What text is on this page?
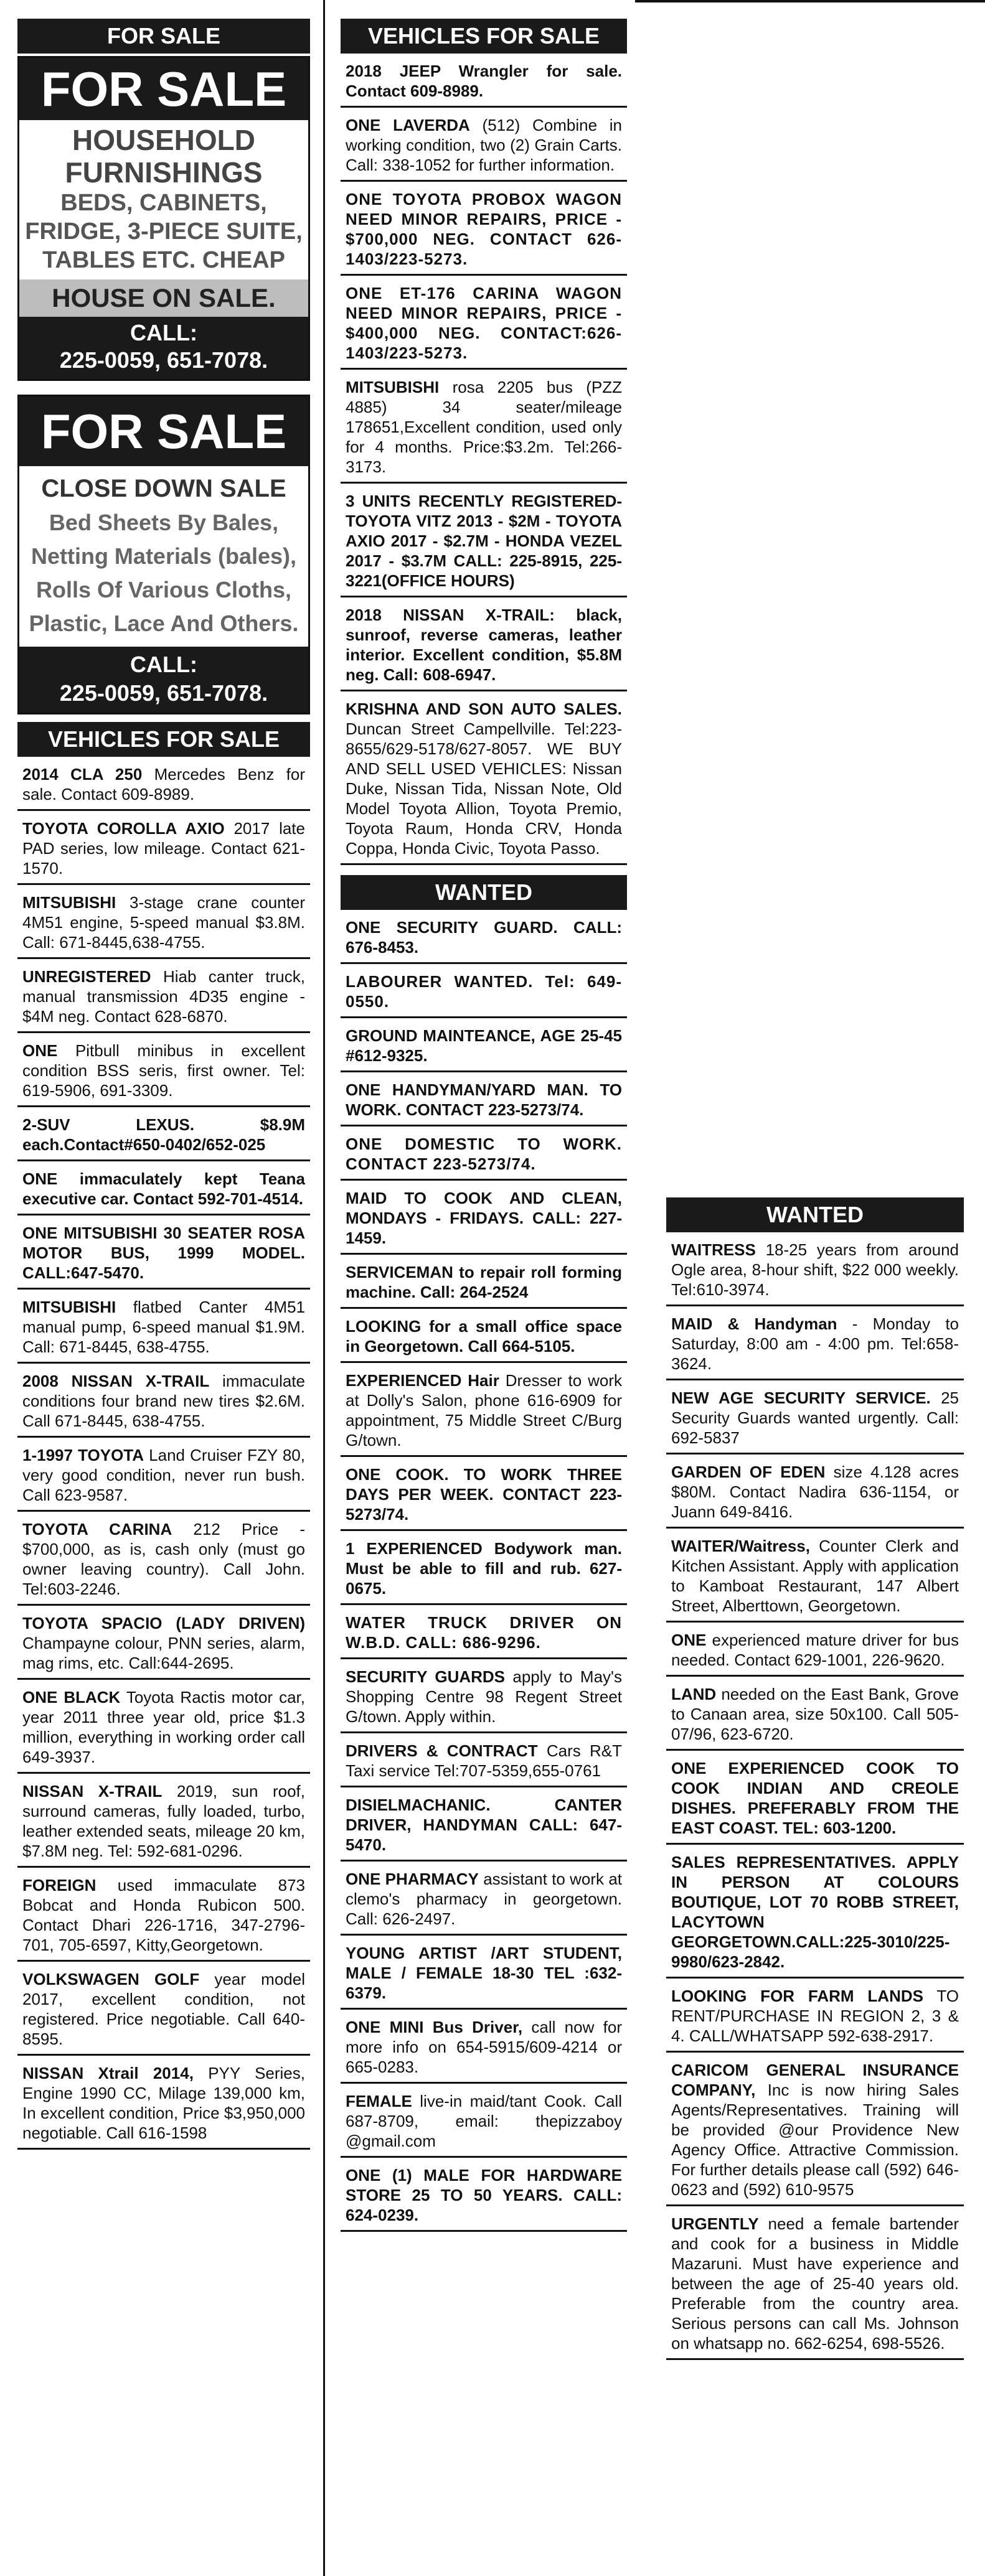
FOR SALE
FOR SALE
HOUSEHOLD FURNISHINGS
BEDS, CABINETS, FRIDGE, 3-PIECE SUITE, TABLES ETC. CHEAP
HOUSE ON SALE.
CALL:
225-0059, 651-7078.
FOR SALE
CLOSE DOWN SALE
Bed Sheets By Bales, Netting Materials (bales), Rolls Of Various Cloths, Plastic, Lace And Others.
CALL:
225-0059, 651-7078.
VEHICLES FOR SALE
2014 CLA 250 Mercedes Benz for sale. Contact 609-8989.
TOYOTA COROLLA AXIO 2017 late PAD series, low mileage. Contact 621-1570.
MITSUBISHI 3-stage crane counter 4M51 engine, 5-speed manual $3.8M. Call: 671-8445,638-4755.
UNREGISTERED Hiab canter truck, manual transmission 4D35 engine - $4M neg. Contact 628-6870.
ONE Pitbull minibus in excellent condition BSS seris, first owner. Tel: 619-5906, 691-3309.
2-SUV LEXUS. $8.9M each.Contact#650-0402/652-025
ONE immaculately kept Teana executive car. Contact 592-701-4514.
ONE MITSUBISHI 30 SEATER ROSA MOTOR BUS, 1999 MODEL. CALL:647-5470.
MITSUBISHI flatbed Canter 4M51 manual pump, 6-speed manual $1.9M. Call: 671-8445, 638-4755.
2008 NISSAN X-TRAIL immaculate conditions four brand new tires $2.6M. Call 671-8445, 638-4755.
1-1997 TOYOTA Land Cruiser FZY 80, very good condition, never run bush. Call 623-9587.
TOYOTA CARINA 212 Price - $700,000, as is, cash only (must go owner leaving country). Call John. Tel:603-2246.
TOYOTA SPACIO (LADY DRIVEN) Champayne colour, PNN series, alarm, mag rims, etc. Call:644-2695.
ONE BLACK Toyota Ractis motor car, year 2011 three year old, price $1.3 million, everything in working order call 649-3937.
NISSAN X-TRAIL 2019, sun roof, surround cameras, fully loaded, turbo, leather extended seats, mileage 20 km, $7.8M neg. Tel: 592-681-0296.
FOREIGN used immaculate 873 Bobcat and Honda Rubicon 500. Contact Dhari 226-1716, 347-2796-701, 705-6597, Kitty,Georgetown.
VOLKSWAGEN GOLF year model 2017, excellent condition, not registered. Price negotiable. Call 640-8595.
NISSAN Xtrail 2014, PYY Series, Engine 1990 CC, Milage 139,000 km, In excellent condition, Price $3,950,000 negotiable. Call 616-1598
VEHICLES FOR SALE
2018 JEEP Wrangler for sale. Contact 609-8989.
ONE LAVERDA (512) Combine in working condition, two (2) Grain Carts. Call: 338-1052 for further information.
ONE TOYOTA PROBOX WAGON NEED MINOR REPAIRS, PRICE - $700,000 NEG. CONTACT 626-1403/223-5273.
ONE ET-176 CARINA WAGON NEED MINOR REPAIRS, PRICE - $400,000 NEG. CONTACT:626-1403/223-5273.
MITSUBISHI rosa 2205 bus (PZZ 4885) 34 seater/mileage 178651,Excellent condition, used only for 4 months. Price:$3.2m. Tel:266-3173.
3 UNITS RECENTLY REGISTERED- TOYOTA VITZ 2013 - $2M - TOYOTA AXIO 2017 - $2.7M - HONDA VEZEL 2017 - $3.7M CALL: 225-8915, 225-3221(OFFICE HOURS)
2018 NISSAN X-TRAIL: black, sunroof, reverse cameras, leather interior. Excellent condition, $5.8M neg. Call: 608-6947.
KRISHNA AND SON AUTO SALES. Duncan Street Campellville. Tel:223-8655/629-5178/627-8057. WE BUY AND SELL USED VEHICLES: Nissan Duke, Nissan Tida, Nissan Note, Old Model Toyota Allion, Toyota Premio, Toyota Raum, Honda CRV, Honda Coppa, Honda Civic, Toyota Passo.
WANTED
ONE SECURITY GUARD. CALL: 676-8453.
LABOURER WANTED. Tel: 649-0550.
GROUND MAINTEANCE, AGE 25-45 #612-9325.
ONE HANDYMAN/YARD MAN. TO WORK. CONTACT 223-5273/74.
ONE DOMESTIC TO WORK. CONTACT 223-5273/74.
MAID TO COOK AND CLEAN, MONDAYS - FRIDAYS. CALL: 227-1459.
SERVICEMAN to repair roll forming machine. Call: 264-2524
LOOKING for a small office space in Georgetown. Call 664-5105.
EXPERIENCED Hair Dresser to work at Dolly's Salon, phone 616-6909 for appointment, 75 Middle Street C/Burg G/town.
ONE COOK. TO WORK THREE DAYS PER WEEK. CONTACT 223-5273/74.
1 EXPERIENCED Bodywork man. Must be able to fill and rub. 627-0675.
WATER TRUCK DRIVER ON W.B.D. CALL: 686-9296.
SECURITY GUARDS apply to May's Shopping Centre 98 Regent Street G/town. Apply within.
DRIVERS & CONTRACT Cars R&T Taxi service Tel:707-5359,655-0761
DISIELMACHANIC. CANTER DRIVER, HANDYMAN CALL: 647-5470.
ONE PHARMACY assistant to work at clemo's pharmacy in georgetown. Call: 626-2497.
YOUNG ARTIST /ART STUDENT, MALE / FEMALE 18-30 TEL :632-6379.
ONE MINI Bus Driver, call now for more info on 654-5915/609-4214 or 665-0283.
FEMALE live-in maid/tant Cook. Call 687-8709, email: thepizzaboy @gmail.com
ONE (1) MALE FOR HARDWARE STORE 25 TO 50 YEARS. CALL: 624-0239.
WANTED
WAITRESS 18-25 years from around Ogle area, 8-hour shift, $22 000 weekly. Tel:610-3974.
MAID & Handyman - Monday to Saturday, 8:00 am - 4:00 pm. Tel:658-3624.
NEW AGE SECURITY SERVICE. 25 Security Guards wanted urgently. Call: 692-5837
GARDEN OF EDEN size 4.128 acres $80M. Contact Nadira 636-1154, or Juann 649-8416.
WAITER/Waitress, Counter Clerk and Kitchen Assistant. Apply with application to Kamboat Restaurant, 147 Albert Street, Alberttown, Georgetown.
ONE experienced mature driver for bus needed. Contact 629-1001, 226-9620.
LAND needed on the East Bank, Grove to Canaan area, size 50x100. Call 505-07/96, 623-6720.
ONE EXPERIENCED COOK TO COOK INDIAN AND CREOLE DISHES. PREFERABLY FROM THE EAST COAST. TEL: 603-1200.
SALES REPRESENTATIVES. APPLY IN PERSON AT COLOURS BOUTIQUE, LOT 70 ROBB STREET, LACYTOWN GEORGETOWN.CALL:225-3010/225-9980/623-2842.
LOOKING FOR FARM LANDS TO RENT/PURCHASE IN REGION 2, 3 & 4. CALL/WHATSAPP 592-638-2917.
CARICOM GENERAL INSURANCE COMPANY, Inc is now hiring Sales Agents/Representatives. Training will be provided @our Providence New Agency Office. Attractive Commission. For further details please call (592) 646-0623 and (592) 610-9575
URGENTLY need a female bartender and cook for a business in Middle Mazaruni. Must have experience and between the age of 25-40 years old. Preferable from the country area. Serious persons can call Ms. Johnson on whatsapp no. 662-6254, 698-5526.
